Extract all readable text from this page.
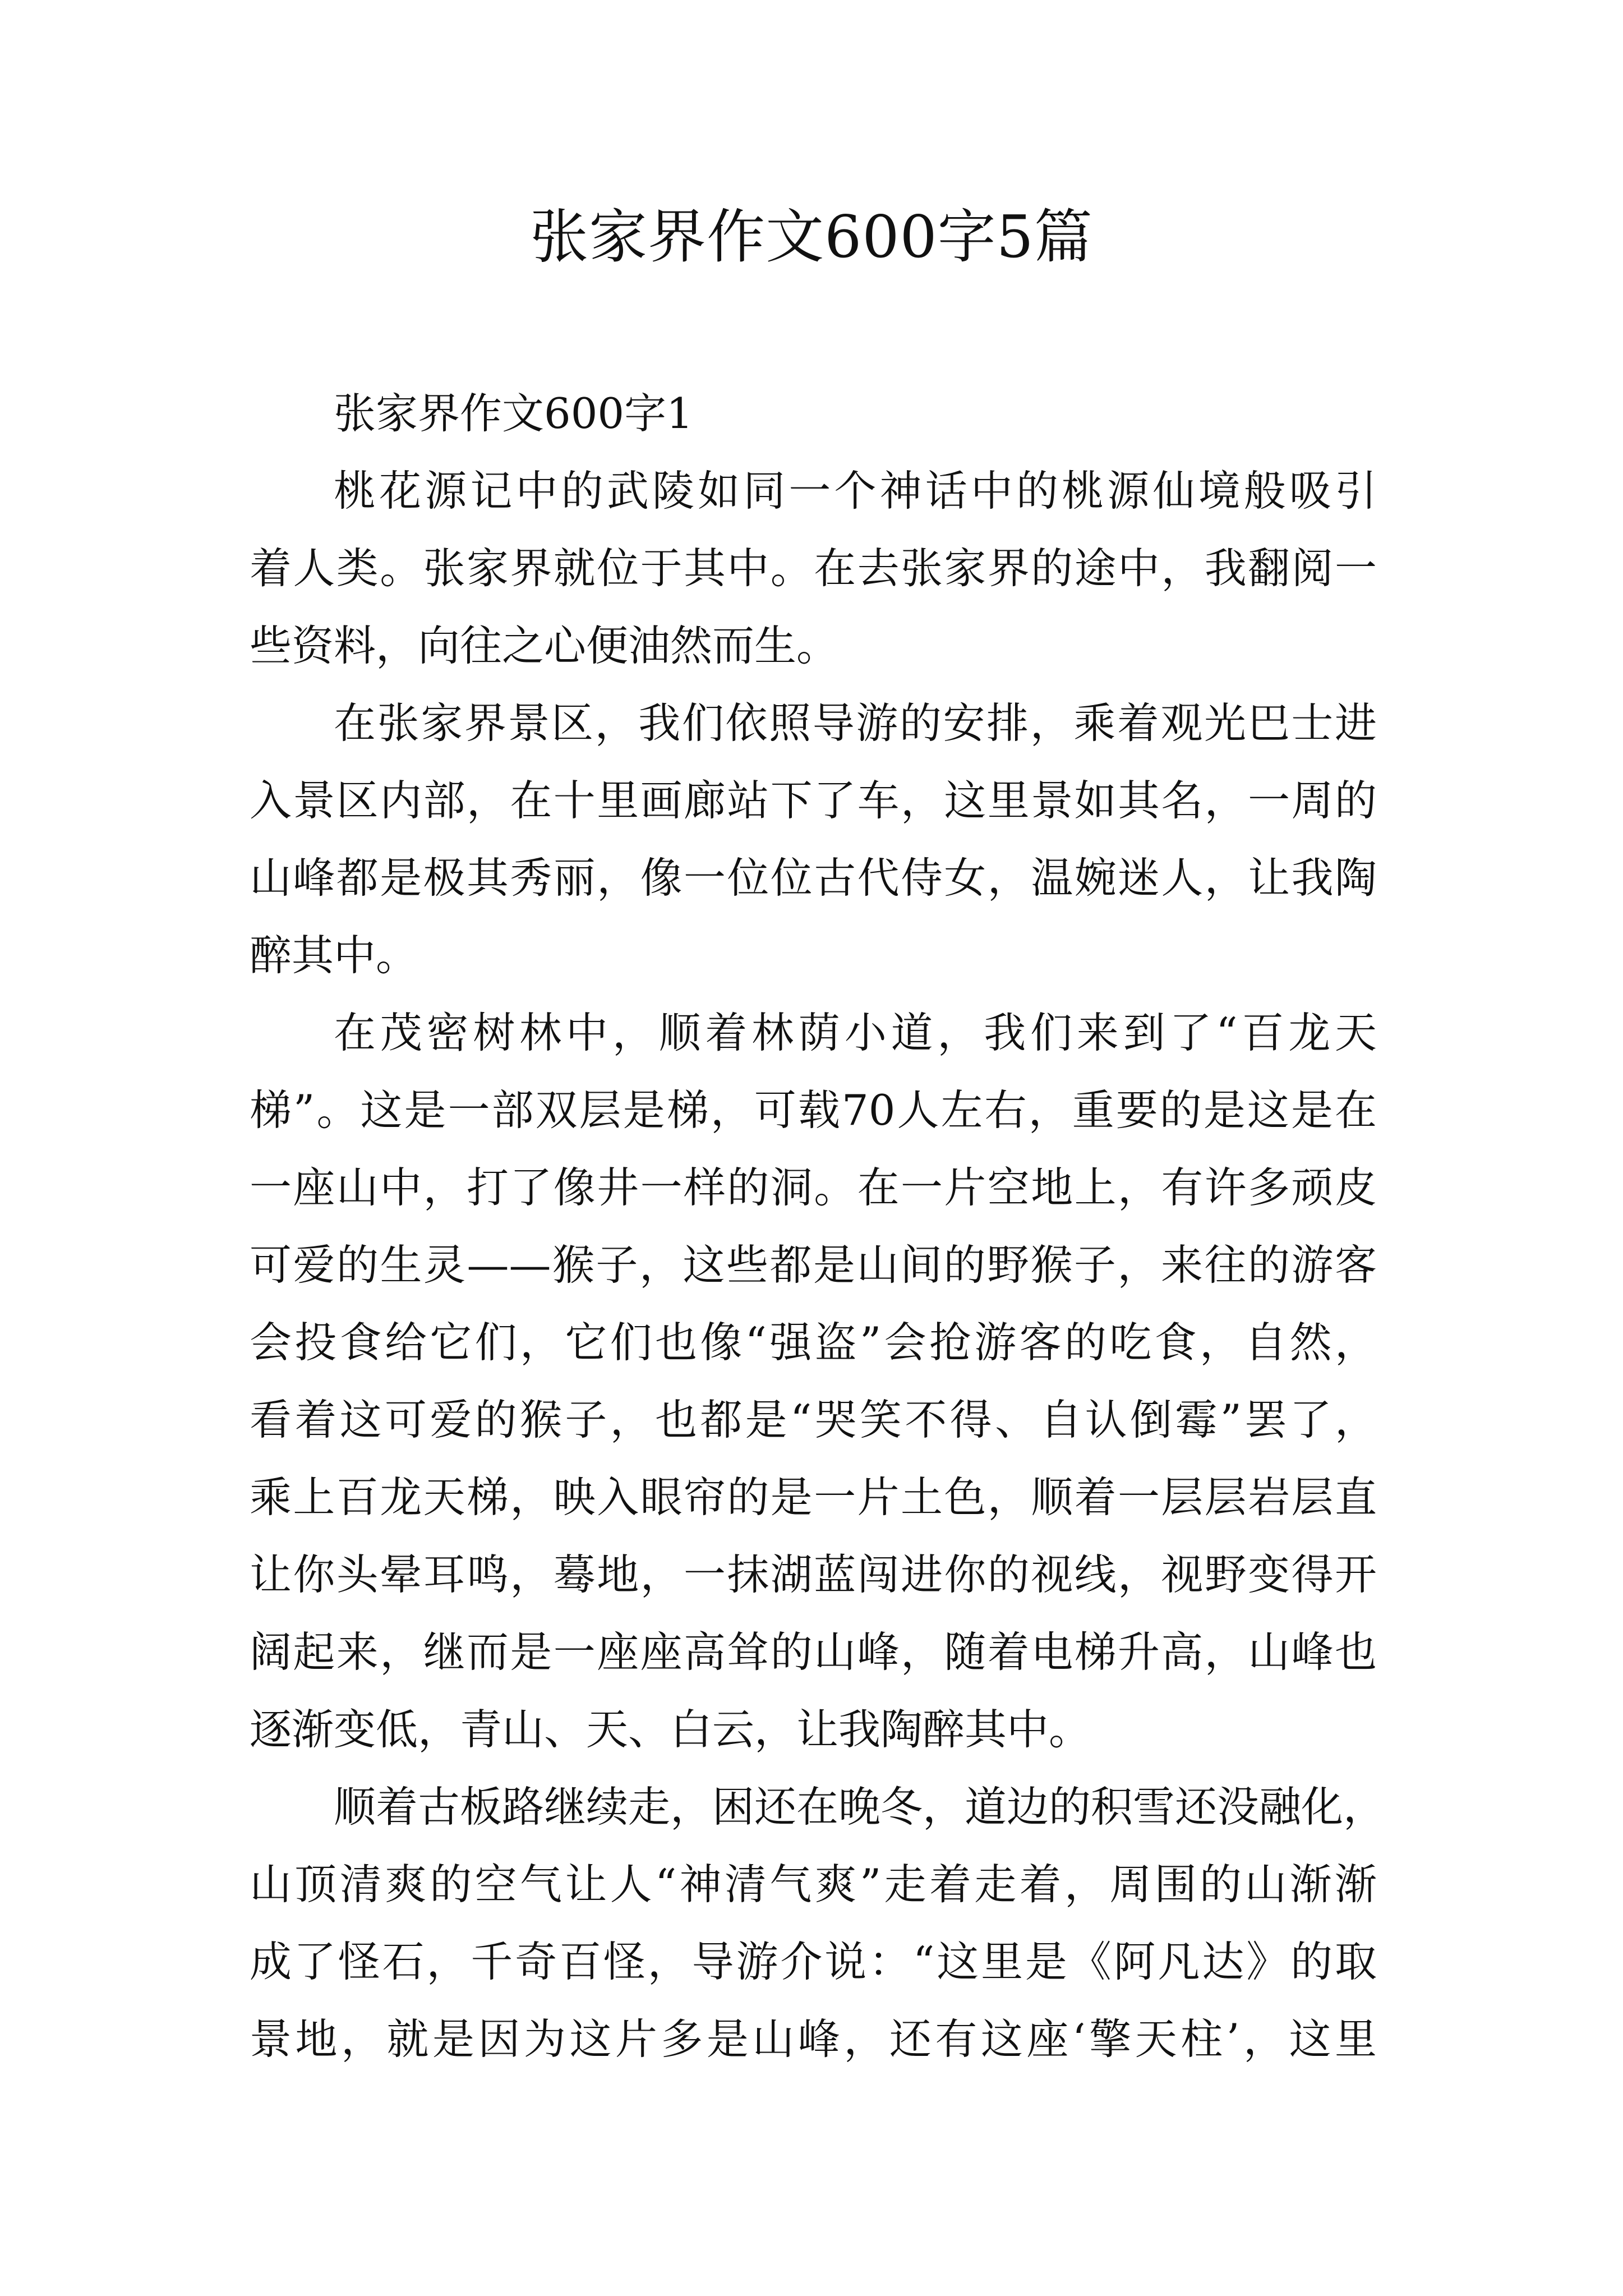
张家界作文600字5篇
张家界作文600字1
桃花源记中的武陵如同一个神话中的桃源仙境般吸引
着人类。张家界就位于其中。在去张家界的途中，我翻阅一
些资料，向往之心便油然而生。
在张家界景区，我们依照导游的安排，乘着观光巴士进
入景区内部，在十里画廊站下了车，这里景如其名，一周的
山峰都是极其秀丽，像一位位古代侍女，温婉迷人，让我陶
醉其中。
在茂密树林中，顺着林荫小道，我们来到了“百龙天
梯”。这是一部双层是梯，可载70人左右，重要的是这是在
一座山中，打了像井一样的洞。在一片空地上，有许多顽皮
可爱的生灵——猴子，这些都是山间的野猴子，来往的游客
会投食给它们，它们也像“强盗”会抢游客的吃食，自然，
看着这可爱的猴子，也都是“哭笑不得、自认倒霉”罢了，
乘上百龙天梯，映入眼帘的是一片土色，顺着一层层岩层直
让你头晕耳鸣，蓦地，一抹湖蓝闯进你的视线，视野变得开
阔起来，继而是一座座高耸的山峰，随着电梯升高，山峰也
逐渐变低，青山、天、白云，让我陶醉其中。
顺着古板路继续走，困还在晚冬，道边的积雪还没融化，
山顶清爽的空气让人“神清气爽”走着走着，周围的山渐渐
成了怪石，千奇百怪，导游介说：“这里是《阿凡达》的取
景地，就是因为这片多是山峰，还有这座‘擎天柱’，这里
